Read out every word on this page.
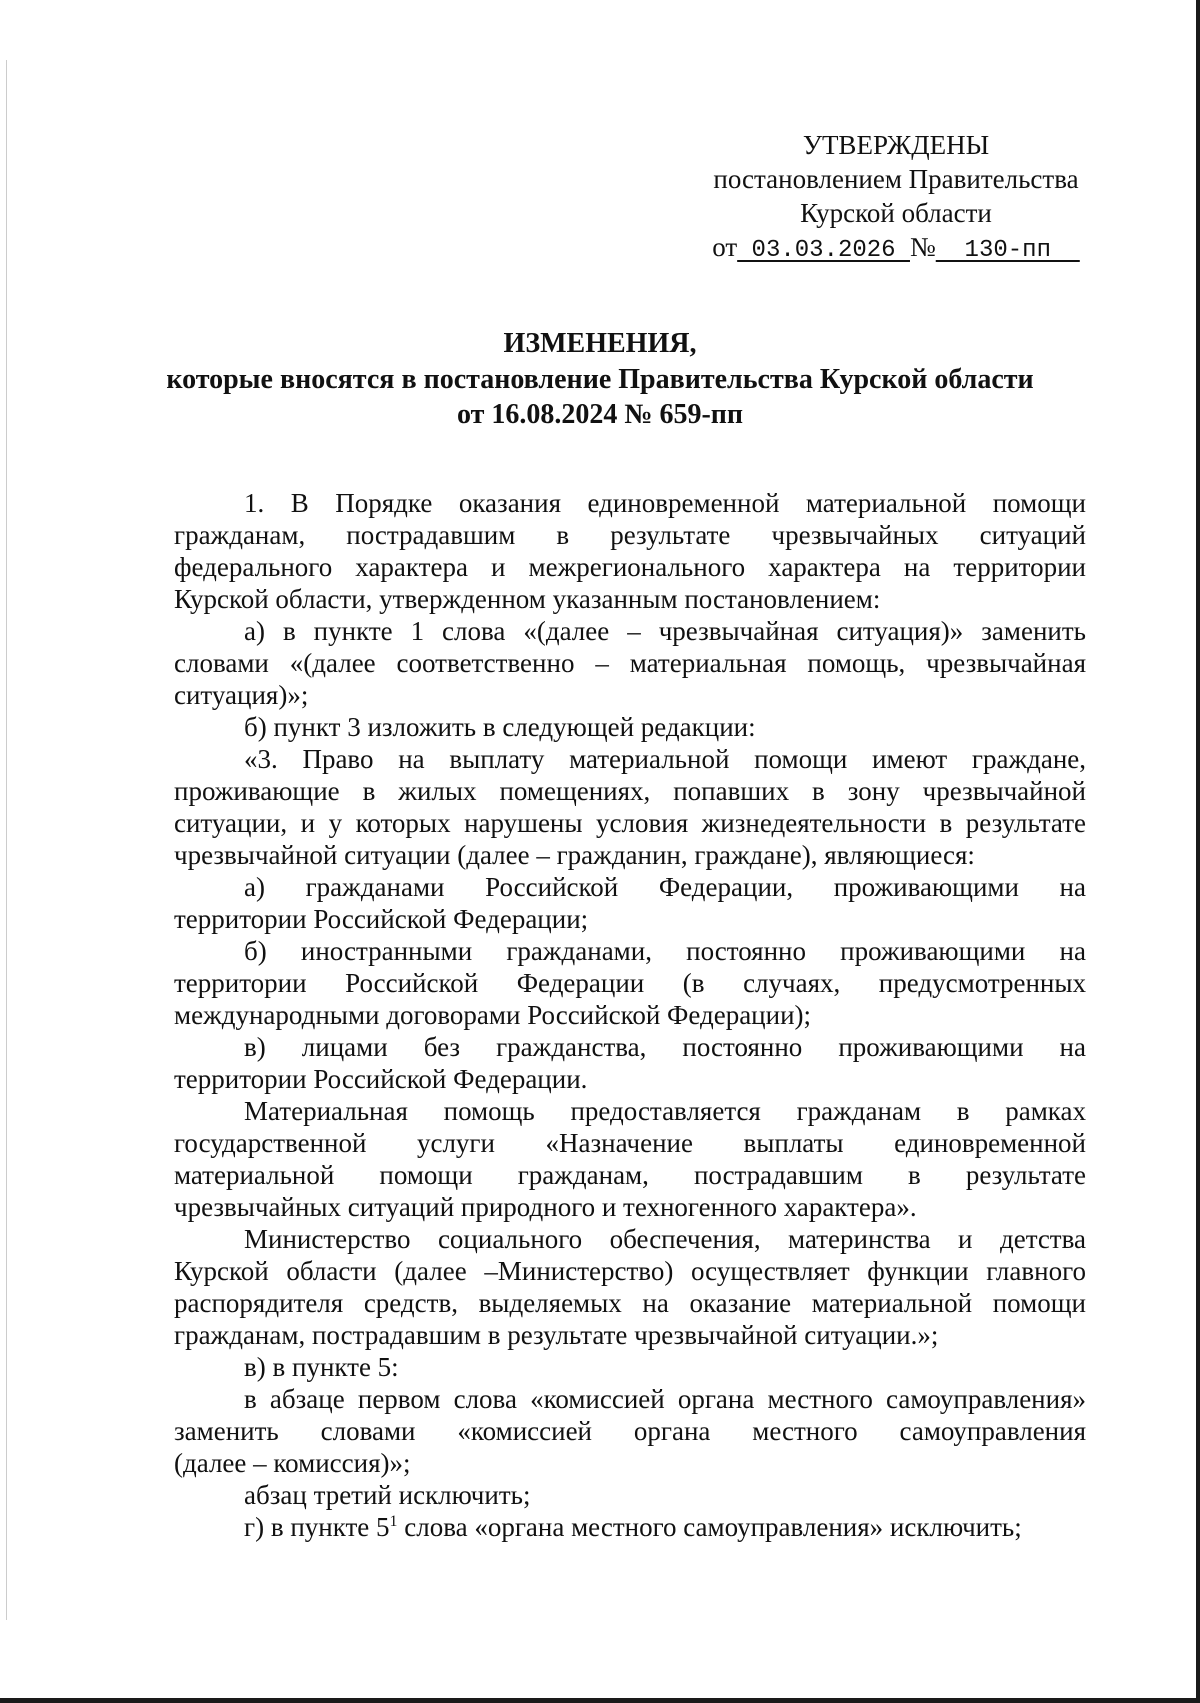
УТВЕРЖДЕНЫ
постановлением Правительства
Курской области
от 03.03.2026 №  130-пп
ИЗМЕНЕНИЯ,
которые вносятся в постановление Правительства Курской области
от 16.08.2024 № 659-пп
1. В Порядке оказания единовременной материальной помощи
гражданам, пострадавшим в результате чрезвычайных ситуаций
федерального характера и межрегионального характера на территории
Курской области, утвержденном указанным постановлением:
а) в пункте 1 слова «(далее – чрезвычайная ситуация)» заменить
словами «(далее соответственно – материальная помощь, чрезвычайная
ситуация)»;
б) пункт 3 изложить в следующей редакции:
«3. Право на выплату материальной помощи имеют граждане,
проживающие в жилых помещениях, попавших в зону чрезвычайной
ситуации, и у которых нарушены условия жизнедеятельности в результате
чрезвычайной ситуации (далее – гражданин, граждане), являющиеся:
а) гражданами Российской Федерации, проживающими на
территории Российской Федерации;
б) иностранными гражданами, постоянно проживающими на
территории Российской Федерации (в случаях, предусмотренных
международными договорами Российской Федерации);
в) лицами без гражданства, постоянно проживающими на
территории Российской Федерации.
Материальная помощь предоставляется гражданам в рамках
государственной услуги «Назначение выплаты единовременной
материальной помощи гражданам, пострадавшим в результате
чрезвычайных ситуаций природного и техногенного характера».
Министерство социального обеспечения, материнства и детства
Курской области (далее –Министерство) осуществляет функции главного
распорядителя средств, выделяемых на оказание материальной помощи
гражданам, пострадавшим в результате чрезвычайной ситуации.»;
в) в пункте 5:
в абзаце первом слова «комиссией органа местного самоуправления»
заменить словами «комиссией органа местного самоуправления
(далее – комиссия)»;
абзац третий исключить;
г) в пункте $5^1$ слова «органа местного самоуправления» исключить;
